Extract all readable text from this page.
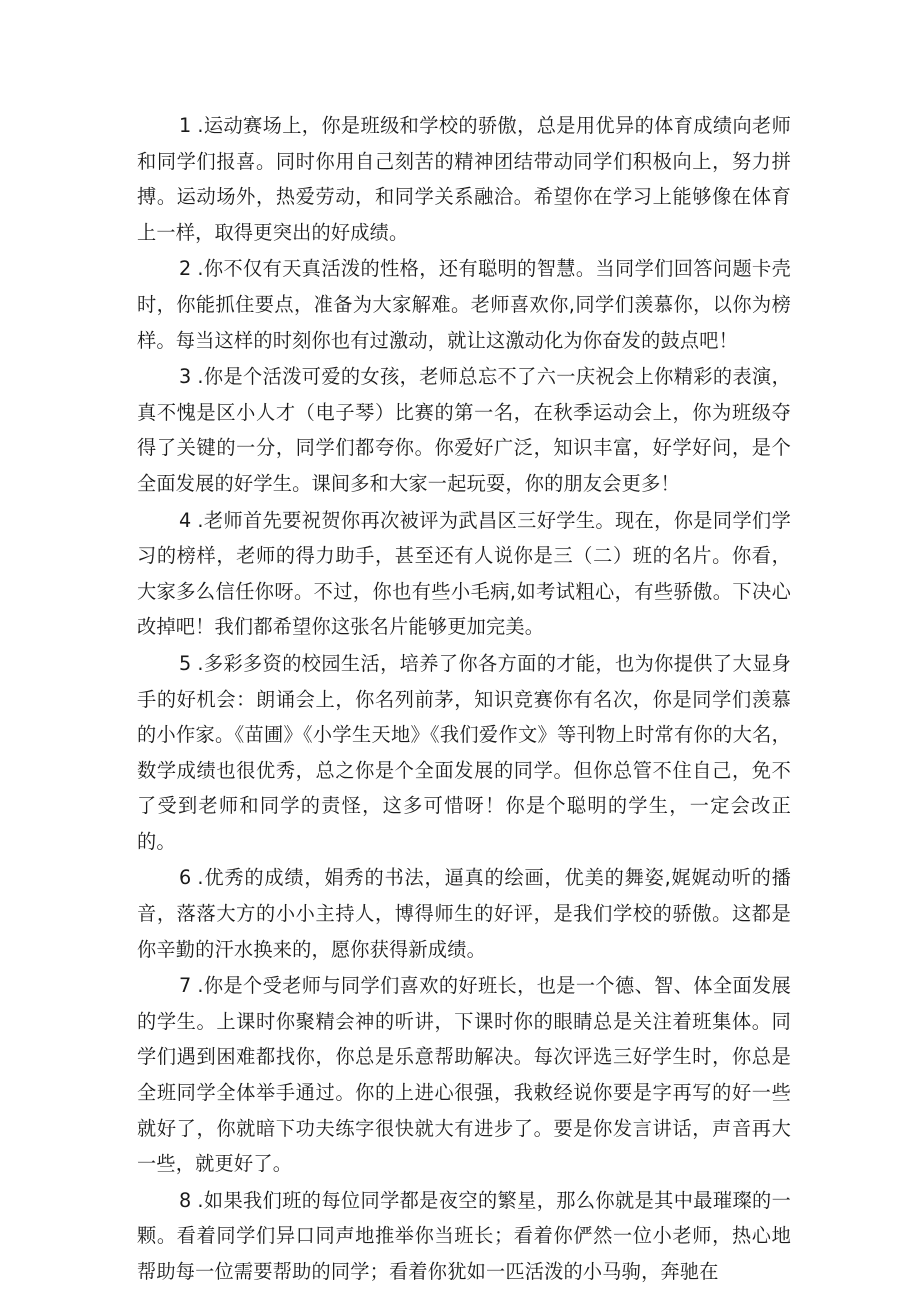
1 .运动赛场上，你是班级和学校的骄傲，总是用优异的体育成绩向老师和同学们报喜。同时你用自己刻苦的精神团结带动同学们积极向上，努力拼搏。运动场外，热爱劳动，和同学关系融洽。希望你在学习上能够像在体育上一样，取得更突出的好成绩。

2 .你不仅有天真活泼的性格，还有聪明的智慧。当同学们回答问题卡壳时，你能抓住要点，准备为大家解难。老师喜欢你,同学们羡慕你，以你为榜样。每当这样的时刻你也有过激动，就让这激动化为你奋发的鼓点吧！

3 .你是个活泼可爱的女孩，老师总忘不了六一庆祝会上你精彩的表演，真不愧是区小人才（电子琴）比赛的第一名，在秋季运动会上，你为班级夺得了关键的一分，同学们都夸你。你爱好广泛，知识丰富，好学好问，是个全面发展的好学生。课间多和大家一起玩耍，你的朋友会更多！

4 .老师首先要祝贺你再次被评为武昌区三好学生。现在，你是同学们学习的榜样，老师的得力助手，甚至还有人说你是三（二）班的名片。你看，大家多么信任你呀。不过，你也有些小毛病,如考试粗心，有些骄傲。下决心改掉吧！我们都希望你这张名片能够更加完美。

5 .多彩多资的校园生活，培养了你各方面的才能，也为你提供了大显身手的好机会：朗诵会上，你名列前茅，知识竞赛你有名次，你是同学们羡慕的小作家。《苗圃》《小学生天地》《我们爱作文》等刊物上时常有你的大名，数学成绩也很优秀，总之你是个全面发展的同学。但你总管不住自己，免不了受到老师和同学的责怪，这多可惜呀！你是个聪明的学生，一定会改正的。

6 .优秀的成绩，娟秀的书法，逼真的绘画，优美的舞姿,娓娓动听的播音，落落大方的小小主持人，博得师生的好评，是我们学校的骄傲。这都是你辛勤的汗水换来的，愿你获得新成绩。

7 .你是个受老师与同学们喜欢的好班长，也是一个德、智、体全面发展的学生。上课时你聚精会神的听讲，下课时你的眼睛总是关注着班集体。同学们遇到困难都找你，你总是乐意帮助解决。每次评选三好学生时，你总是全班同学全体举手通过。你的上进心很强，我敕经说你要是字再写的好一些就好了，你就暗下功夫练字很快就大有进步了。要是你发言讲话，声音再大一些，就更好了。

8 .如果我们班的每位同学都是夜空的繁星，那么你就是其中最璀璨的一颗。看着同学们异口同声地推举你当班长；看着你俨然一位小老师，热心地帮助每一位需要帮助的同学；看着你犹如一匹活泼的小马驹，奔驰在
